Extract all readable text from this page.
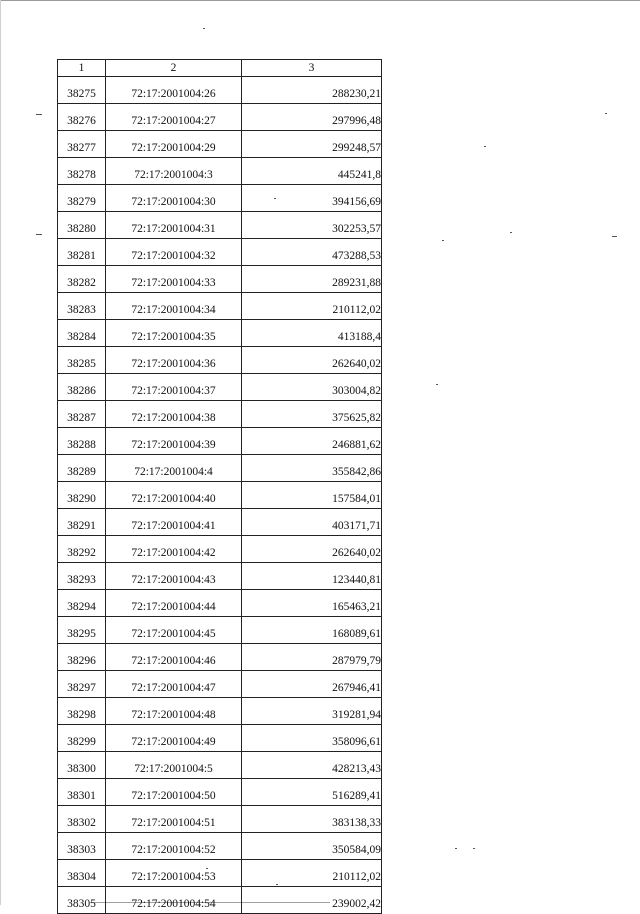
1	2	3
38275	72:17:2001004:26	288230,21
38276	72:17:2001004:27	297996,48
38277	72:17:2001004:29	299248,57
38278	72:17:2001004:3	445241,8
38279	72:17:2001004:30	394156,69
38280	72:17:2001004:31	302253,57
38281	72:17:2001004:32	473288,53
38282	72:17:2001004:33	289231,88
38283	72:17:2001004:34	210112,02
38284	72:17:2001004:35	413188,4
38285	72:17:2001004:36	262640,02
38286	72:17:2001004:37	303004,82
38287	72:17:2001004:38	375625,82
38288	72:17:2001004:39	246881,62
38289	72:17:2001004:4	355842,86
38290	72:17:2001004:40	157584,01
38291	72:17:2001004:41	403171,71
38292	72:17:2001004:42	262640,02
38293	72:17:2001004:43	123440,81
38294	72:17:2001004:44	165463,21
38295	72:17:2001004:45	168089,61
38296	72:17:2001004:46	287979,79
38297	72:17:2001004:47	267946,41
38298	72:17:2001004:48	319281,94
38299	72:17:2001004:49	358096,61
38300	72:17:2001004:5	428213,43
38301	72:17:2001004:50	516289,41
38302	72:17:2001004:51	383138,33
38303	72:17:2001004:52	350584,09
38304	72:17:2001004:53	210112,02
38305	72:17:2001004:54	239002,42
